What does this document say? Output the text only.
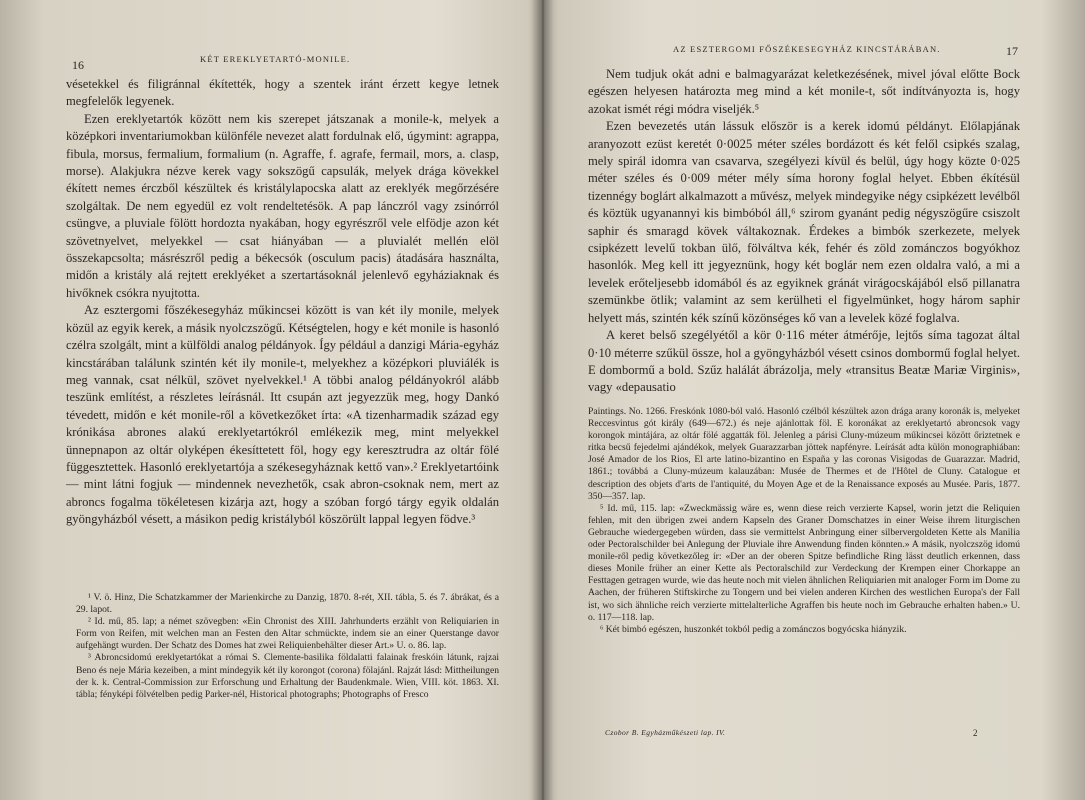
16	KÉT EREKLYETARTÓ-MONILE.

vésetekkel és filigránnal ékítették, hogy a szentek iránt érzett kegye letnek megfelelők legyenek.

Ezen ereklyetartók között nem kis szerepet játszanak a monile-k, melyek a középkori inventariumokban különféle nevezet alatt fordulnak elő, úgymint: agrappa, fibula, morsus, fermalium, formalium (n. Agraffe, f. agrafe, fermail, mors, a. clasp, morse). Alakjukra nézve kerek vagy sokszögű capsulák, melyek drága kövekkel ékített nemes érczből készültek és kristálylapocska alatt az ereklyék megőrzésére szolgáltak. De nem egyedül ez volt rendeltetésök. A pap lánczról vagy zsinórról csüngve, a pluviale fölött hordozta nyakában, hogy egyrészről vele elfödje azon két szövetnyelvet, melyekkel — csat hiányában — a pluvialét mellén elöl összekapcsolta; másrészről pedig a békecsók (osculum pacis) átadására használta, midőn a kristály alá rejtett ereklyéket a szertartásoknál jelenlevő egyháziaknak és hivőknek csókra nyujtotta.

Az esztergomi főszékesegyház műkincsei között is van két ily monile, melyek közül az egyik kerek, a másik nyolczszögű. Kétségtelen, hogy e két monile is hasonló czélra szolgált, mint a külföldi analog példányok. Így például a danzigi Mária-egyház kincstárában találunk szintén két ily monile-t, melyekhez a középkori pluviálék is meg vannak, csat nélkül, szövet nyelvekkel.¹ A többi analog példányokról alább teszünk említést, a részletes leírásnál. Itt csupán azt jegyezzük meg, hogy Dankó tévedett, midőn e két monile-ről a következőket írta: «A tizenharmadik század egy krónikása abrones alakú ereklyetartókról emlékezik meg, mint melyekkel ünnepnapon az oltár olyképen ékesíttetett föl, hogy egy keresztrudra az oltár fölé függesztettek. Hasonló ereklyetartója a székesegyháznak kettő van».² Ereklyetartóink — mint látni fogjuk — mindennek nevezhetők, csak abron-csoknak nem, mert az abroncs fogalma tökéletesen kizárja azt, hogy a szóban forgó tárgy egyik oldalán gyöngyházból vésett, a másikon pedig kristályból köszörült lappal legyen födve.³

¹ V. ö. Hinz, Die Schatzkammer der Marienkirche zu Danzig, 1870. 8-rét, XII. tábla, 5. és 7. ábrákat, és a 29. lapot.

² Id. mű, 85. lap; a német szövegben: «Ein Chronist des XIII. Jahrhunderts erzählt von Reliquiarien in Form von Reifen, mit welchen man an Festen den Altar schmückte, indem sie an einer Querstange davor aufgehängt wurden. Der Schatz des Domes hat zwei Reliquienbehälter dieser Art.» U. o. 86. lap.

³ Abronc​sidomú ereklyetartókat a római S. Clemente-basilika földalatti falainak freskóin látunk, rajzai Beno és neje Mária kezeiben, a mint mindegyik két ily korongot (corona) fölajánl. Rajzát lásd: Mittheilungen der k. k. Central-Commission zur Erforschung und Erhaltung der Baudenkmale. Wien, VIII. köt. 1863. XI. tábla; fényképi fölvételben pedig Parker-nél, Historical photographs; Photographs of Fresco

AZ ESZTERGOMI FŐSZÉKESEGYHÁZ KINCSTÁRÁBAN.	17

Nem tudjuk okát adni e balmagyarázat keletkezésének, mivel jóval előtte Bock egészen helyesen határozta meg mind a két monile-t, sőt indítványozta is, hogy azokat ismét régi módra viseljék.⁵

Ezen bevezetés után lássuk először is a kerek idomú példányt. Előlapjának aranyozott ezüst keretét 0·0025 méter széles bordázott és két felől csipkés szalag, mely spirál idomra van csavarva, szegélyezi kívül és belül, úgy hogy közte 0·025 méter széles és 0·009 méter mély síma horony foglal helyet. Ebben ékítésül tizennégy boglárt alkalmazott a művész, melyek mindegyike négy csipkézett levélből és köztük ugyanannyi kis bimbóból áll,⁶ szirom gyanánt pedig négyszögűre csiszolt saphir és smaragd kövek váltakoznak. Érdekes a bimbók szerkezete, melyek csipkézett levelű tokban ülő, fölváltva kék, fehér és zöld zománczos bogyókhoz hasonlók. Meg kell itt jegyeznünk, hogy két boglár nem ezen oldalra való, a mi a levelek erőteljesebb idomából és az egyiknek gránát virágocskájából első pillanatra szemünkbe ötlik; valamint az sem kerülheti el figyelmünket, hogy három saphir helyett más, szintén kék színű közönséges kő van a levelek közé foglalva.

A keret belső szegélyétől a kör 0·116 méter átmérője, lejtős síma tagozat által 0·10 méterre szűkül össze, hol a gyöngyházból vésett csinos dombormű foglal helyet. E dombormű a bold. Szűz halálát ábrázolja, mely «transitus Beatæ Mariæ Virginis», vagy «depausatio

Paintings. No. 1266. Freskónk 1080-ból való. Hasonló czélból készültek azon drága arany koronák is, melyeket Reccesvintus gót király (649—672.) és neje ajánlottak föl. E koronákat az ereklyetartó abroncsok vagy korongok mintájára, az oltár fölé aggatták föl. Jelenleg a párisi Cluny-múzeum műkincsei között őriztetnek e ritka becsű fejedelmi ajándékok, melyek Guarazzarban jöttek napfényre. Leírását adta külön monographiában: José Amador de los Rios, El arte latino-bizantino en España y las coronas Visigodas de Guarazzar. Madrid, 1861.; továbbá a Cluny-múzeum kalauzában: Musée de Thermes et de l'Hôtel de Cluny. Catalogue et description des objets d'arts de l'antiquité, du Moyen Age et de la Renaissance exposés au Musée. Paris, 1877. 350—357. lap.

⁵ Id. mű, 115. lap: «Zweckmässig wäre es, wenn diese reich verzierte Kapsel, worin jetzt die Reliquien fehlen, mit den übrigen zwei andern Kapseln des Graner Domschatzes in einer Weise ihrem liturgischen Gebrauche wiedergegeben würden, dass sie vermittelst Anbringung einer silbervergoldeten Kette als Manilia oder Pectoralschilder bei Anlegung der Pluviale ihre Anwendung finden könnten.» A másik, nyolczszög idomú monile-ről pedig következőleg ír: «Der an der oberen Spitze befindliche Ring lässt deutlich erkennen, dass dieses Monile früher an einer Kette als Pectoralschild zur Verdeckung der Krempen einer Chorkappe an Festtagen getragen wurde, wie das heute noch mit vielen ähnlichen Reliquiarien mit analoger Form im Dome zu Aachen, der früheren Stiftskirche zu Tongern und bei vielen anderen Kirchen des westlichen Europa's der Fall ist, wo sich ähnliche reich verzierte mittelalterliche Agraffen bis heute noch im Gebrauche erhalten haben.» U. o. 117—118. lap.

⁶ Két bimbó egészen, huszonkét tokból pedig a zománczos bogyócska hiányzik.

Czobor B. Egyházműkészeti lap. IV.	2
